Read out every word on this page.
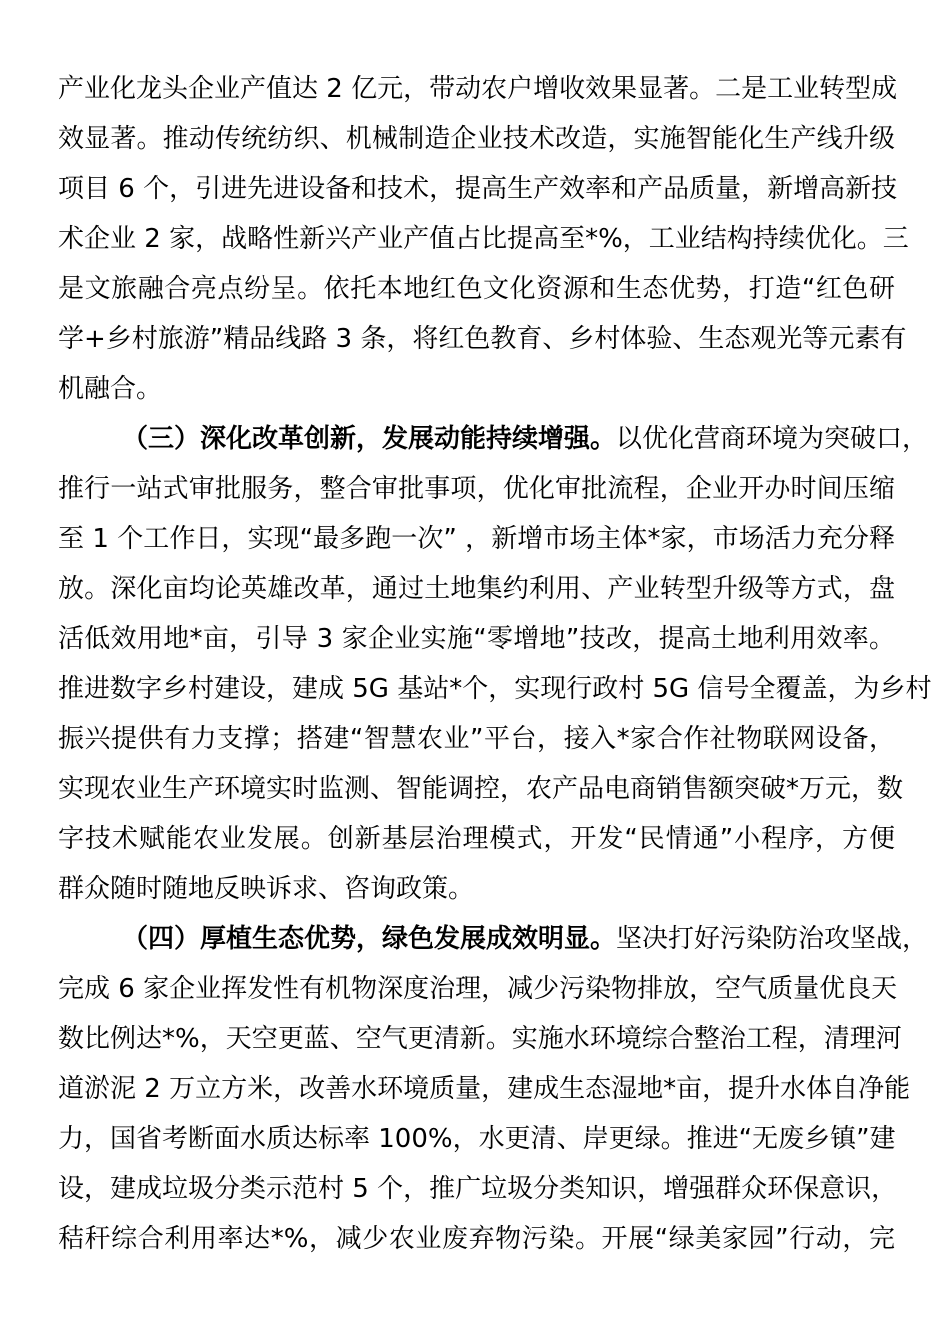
产业化龙头企业产值达 2 亿元，带动农户增收效果显著。二是工业转型成
效显著。推动传统纺织、机械制造企业技术改造，实施智能化生产线升级
项目 6 个，引进先进设备和技术，提高生产效率和产品质量，新增高新技
术企业 2 家，战略性新兴产业产值占比提高至*%，工业结构持续优化。三
是文旅融合亮点纷呈。依托本地红色文化资源和生态优势，打造“红色研
学+乡村旅游”精品线路 3 条，将红色教育、乡村体验、生态观光等元素有
机融合。
（三）深化改革创新，发展动能持续增强。以优化营商环境为突破口，
推行一站式审批服务，整合审批事项，优化审批流程，企业开办时间压缩
至 1 个工作日，实现“最多跑一次” ，新增市场主体*家，市场活力充分释
放。深化亩均论英雄改革，通过土地集约利用、产业转型升级等方式，盘
活低效用地*亩，引导 3 家企业实施“零增地”技改，提高土地利用效率。
推进数字乡村建设，建成 5G 基站*个，实现行政村 5G 信号全覆盖，为乡村
振兴提供有力支撑；搭建“智慧农业”平台，接入*家合作社物联网设备，
实现农业生产环境实时监测、智能调控，农产品电商销售额突破*万元，数
字技术赋能农业发展。创新基层治理模式，开发“民情通”小程序，方便
群众随时随地反映诉求、咨询政策。
（四）厚植生态优势，绿色发展成效明显。坚决打好污染防治攻坚战，
完成 6 家企业挥发性有机物深度治理，减少污染物排放，空气质量优良天
数比例达*%，天空更蓝、空气更清新。实施水环境综合整治工程，清理河
道淤泥 2 万立方米，改善水环境质量，建成生态湿地*亩，提升水体自净能
力，国省考断面水质达标率 100%，水更清、岸更绿。推进“无废乡镇”建
设，建成垃圾分类示范村 5 个，推广垃圾分类知识，增强群众环保意识，
秸秆综合利用率达*%，减少农业废弃物污染。开展“绿美家园”行动，完
